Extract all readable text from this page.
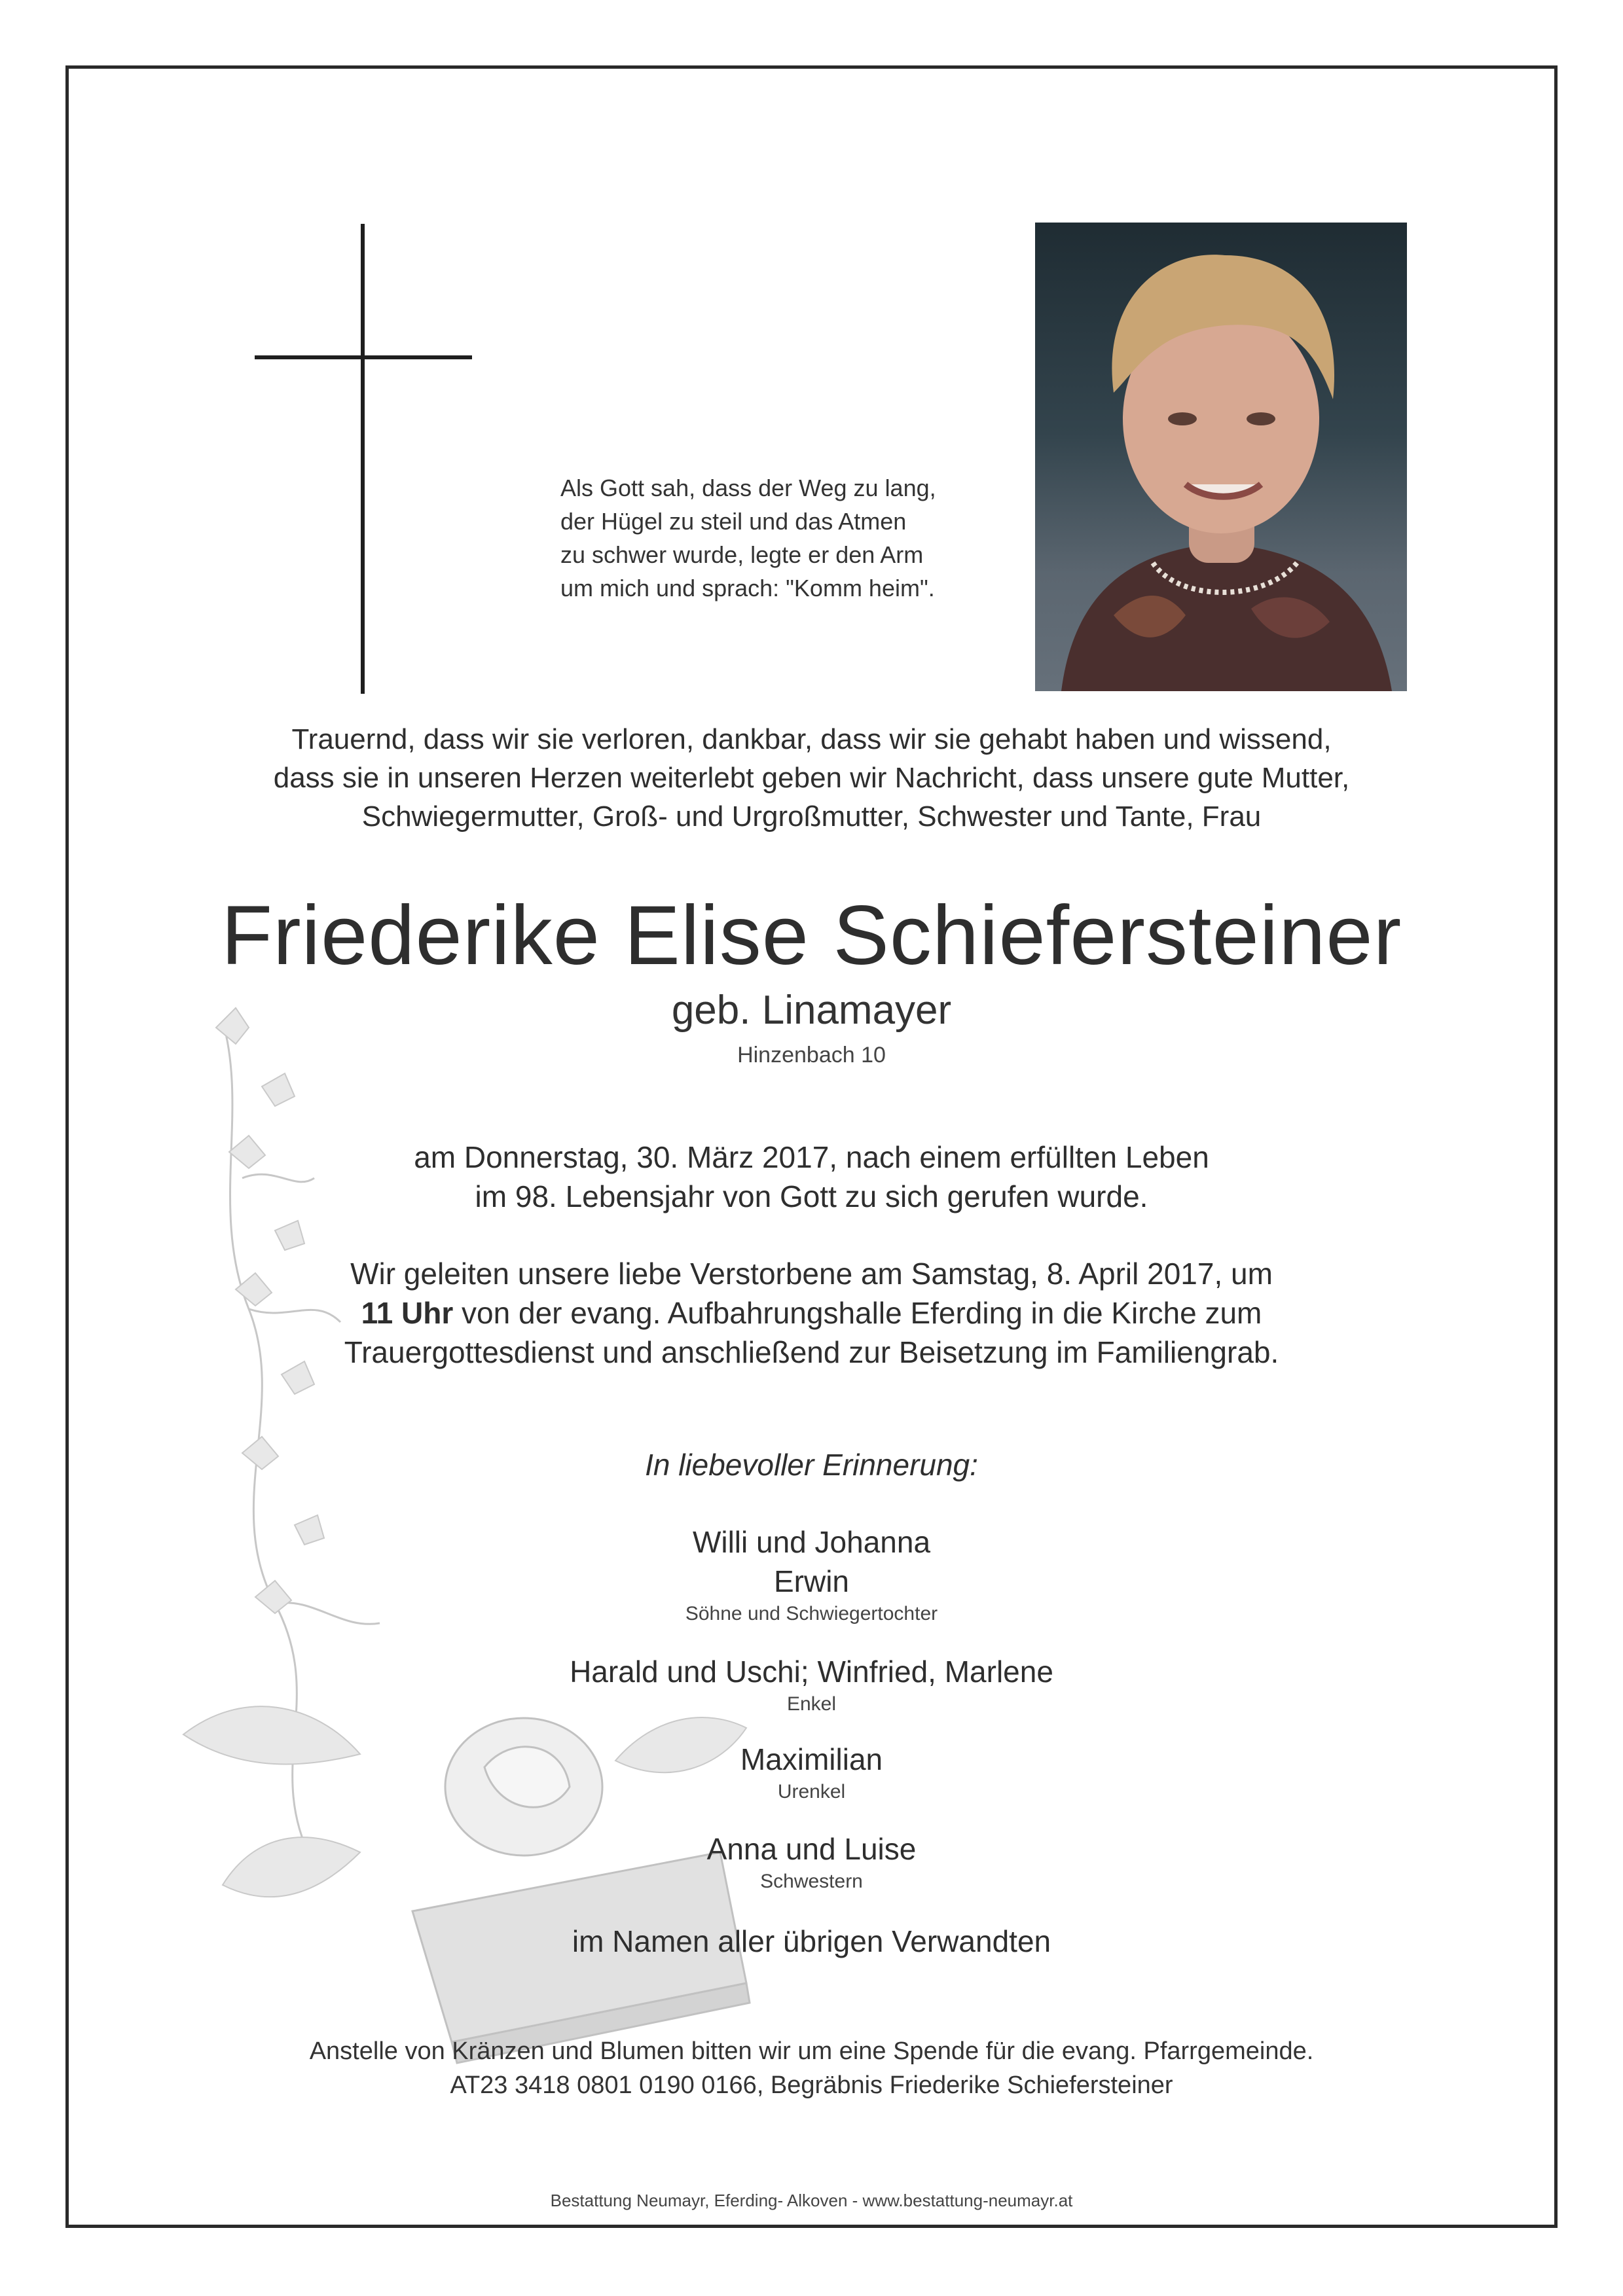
Als Gott sah, dass der Weg zu lang,
der Hügel zu steil und das Atmen
zu schwer wurde, legte er den Arm
um mich und sprach: "Komm heim".
Trauernd, dass wir sie verloren, dankbar, dass wir sie gehabt haben und wissend,
dass sie in unseren Herzen weiterlebt geben wir Nachricht, dass unsere gute Mutter,
Schwiegermutter, Groß- und Urgroßmutter, Schwester und Tante, Frau
Friederike Elise Schiefersteiner
geb. Linamayer
Hinzenbach 10
am Donnerstag, 30. März 2017, nach einem erfüllten Leben
im 98. Lebensjahr von Gott zu sich gerufen wurde.
Wir geleiten unsere liebe Verstorbene am Samstag, 8. April 2017, um
11 Uhr von der evang. Aufbahrungshalle Eferding in die Kirche zum
Trauergottesdienst und anschließend zur Beisetzung im Familiengrab.
In liebevoller Erinnerung:
Willi und Johanna
Erwin
Söhne und Schwiegertochter
Harald und Uschi; Winfried, Marlene
Enkel
Maximilian
Urenkel
Anna und Luise
Schwestern
im Namen aller übrigen Verwandten
Anstelle von Kränzen und Blumen bitten wir um eine Spende für die evang. Pfarrgemeinde.
AT23 3418 0801 0190 0166, Begräbnis Friederike Schiefersteiner
Bestattung Neumayr, Eferding- Alkoven - www.bestattung-neumayr.at
